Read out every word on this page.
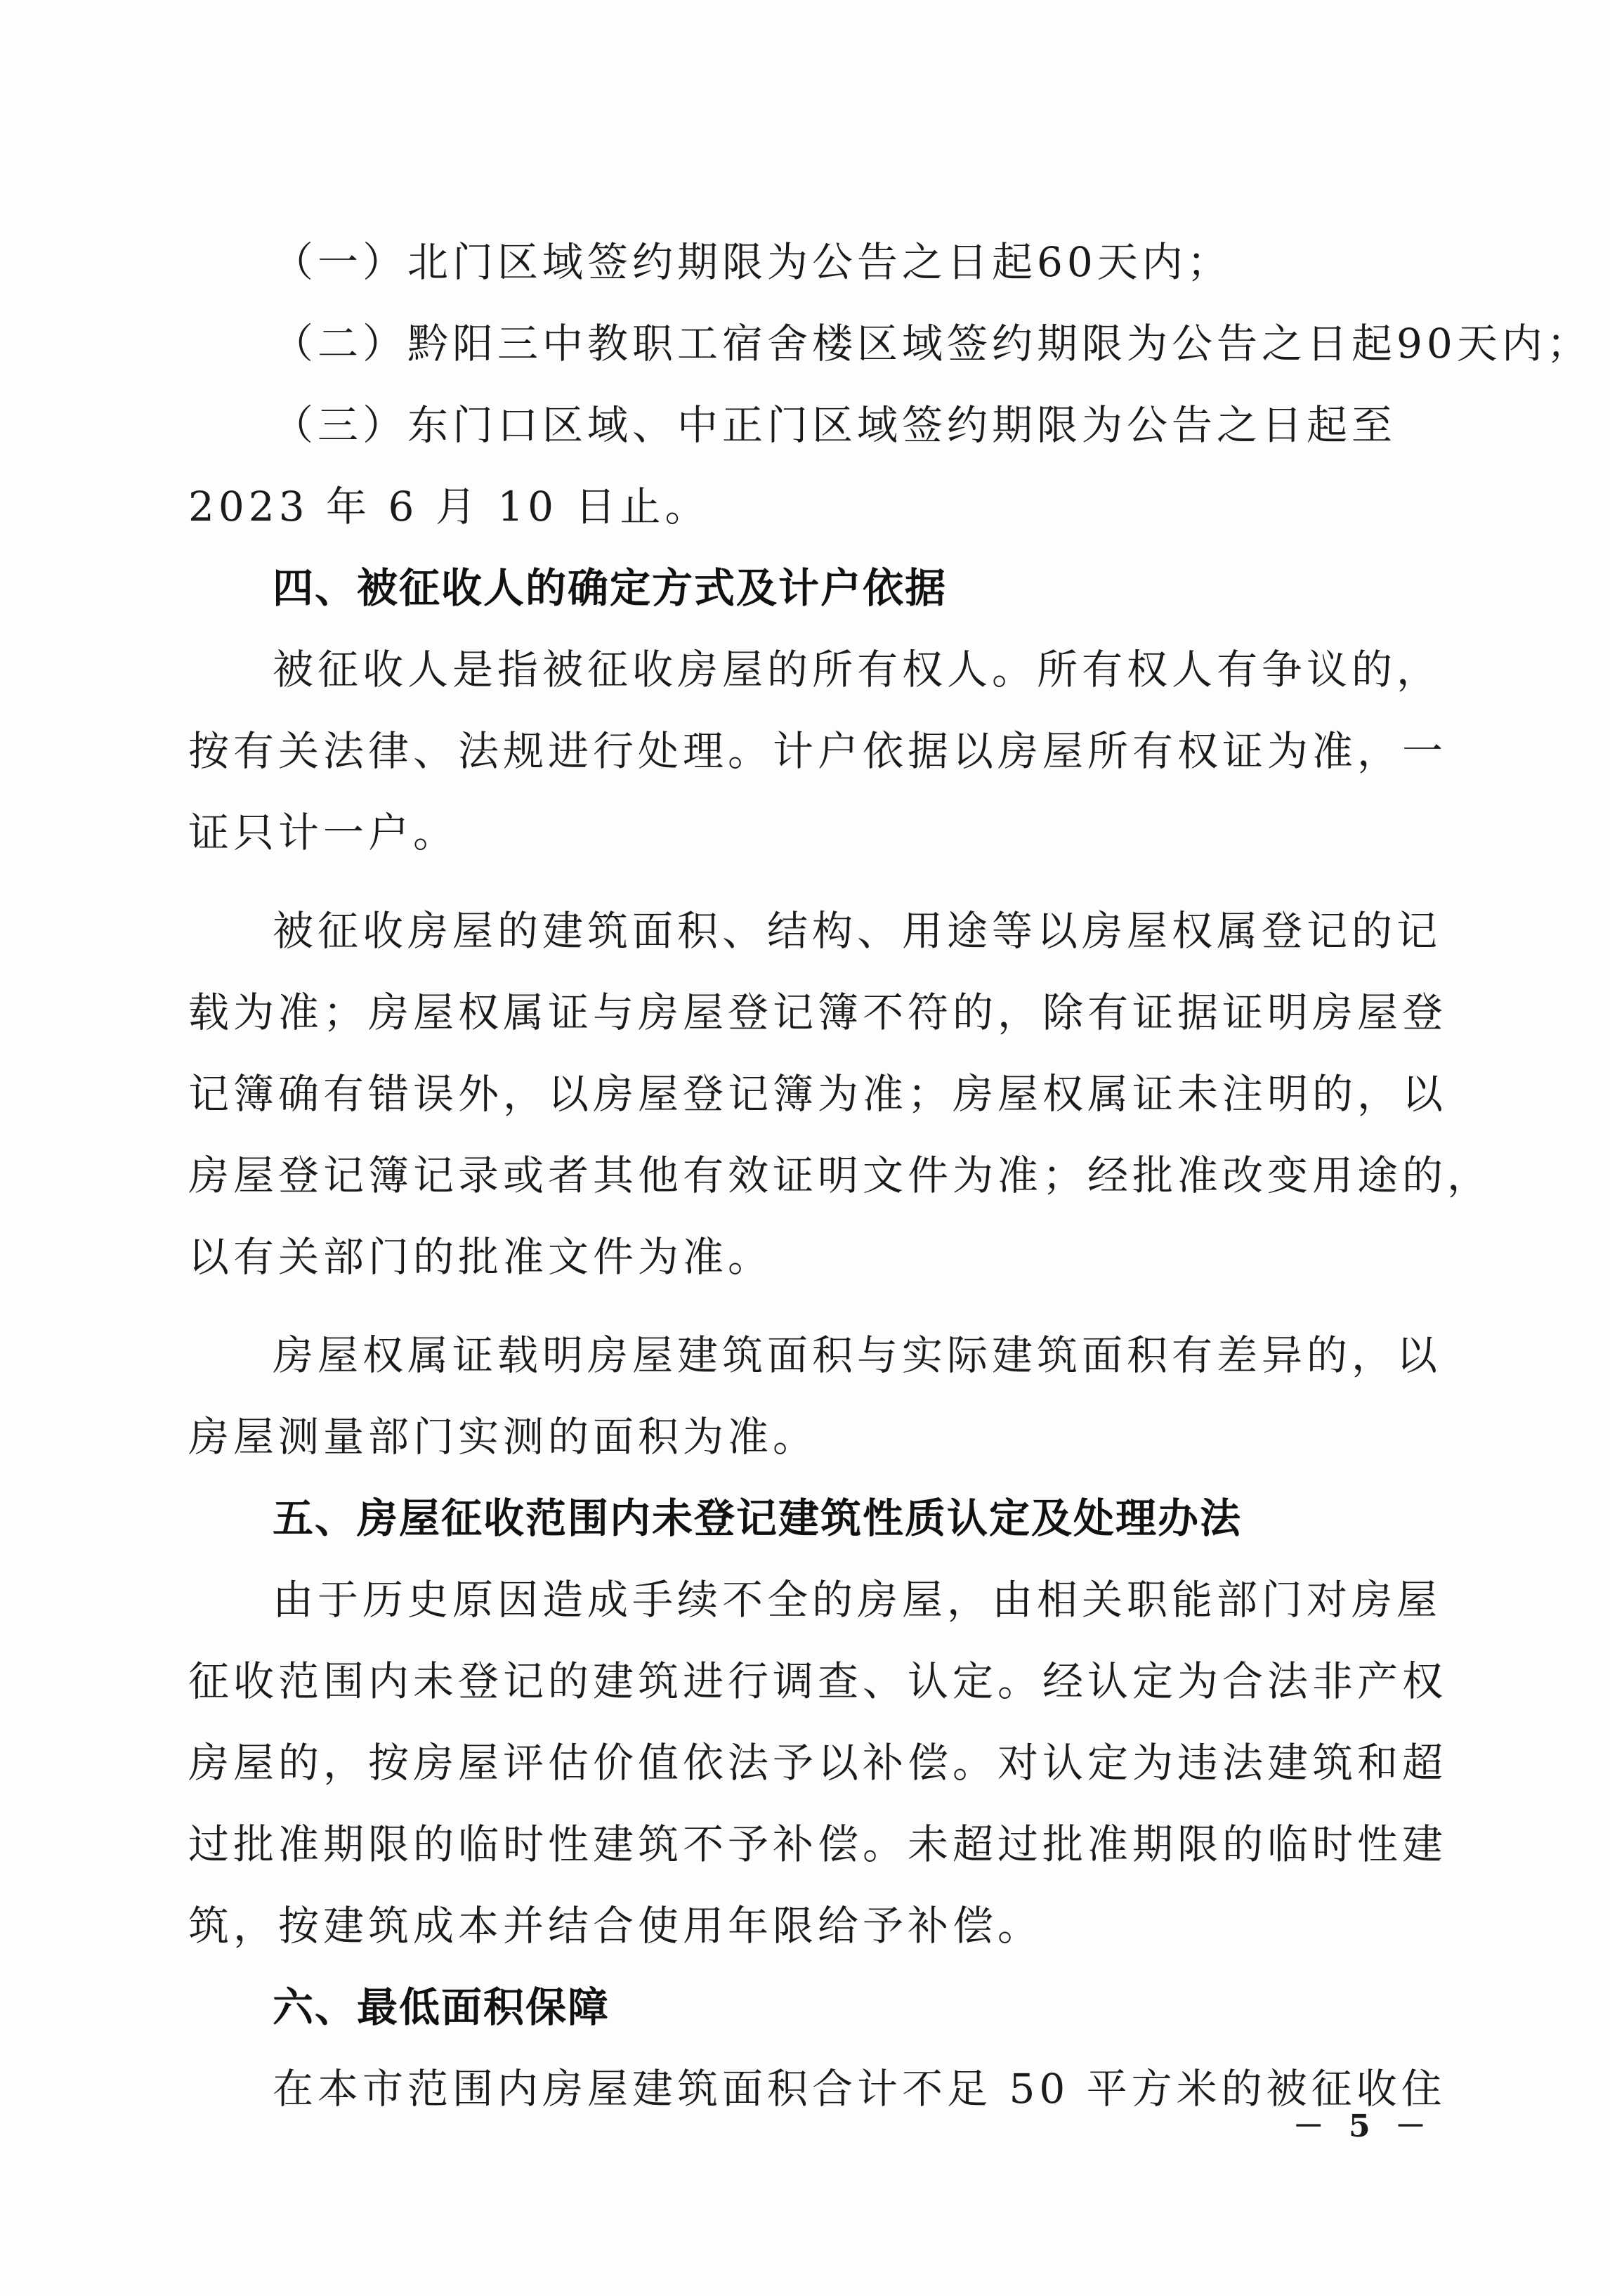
（一）北门区域签约期限为公告之日起60天内；
（二）黔阳三中教职工宿舍楼区域签约期限为公告之日起90天内；
（三）东门口区域、中正门区域签约期限为公告之日起至
2023 年 6 月 10 日止。
四、被征收人的确定方式及计户依据
被征收人是指被征收房屋的所有权人。所有权人有争议的，
按有关法律、法规进行处理。计户依据以房屋所有权证为准，一
证只计一户。
被征收房屋的建筑面积、结构、用途等以房屋权属登记的记
载为准；房屋权属证与房屋登记簿不符的，除有证据证明房屋登
记簿确有错误外，以房屋登记簿为准；房屋权属证未注明的，以
房屋登记簿记录或者其他有效证明文件为准；经批准改变用途的，
以有关部门的批准文件为准。
房屋权属证载明房屋建筑面积与实际建筑面积有差异的，以
房屋测量部门实测的面积为准。
五、房屋征收范围内未登记建筑性质认定及处理办法
由于历史原因造成手续不全的房屋，由相关职能部门对房屋
征收范围内未登记的建筑进行调查、认定。经认定为合法非产权
房屋的，按房屋评估价值依法予以补偿。对认定为违法建筑和超
过批准期限的临时性建筑不予补偿。未超过批准期限的临时性建
筑，按建筑成本并结合使用年限给予补偿。
六、最低面积保障
在本市范围内房屋建筑面积合计不足 50 平方米的被征收住
－ 5 －
